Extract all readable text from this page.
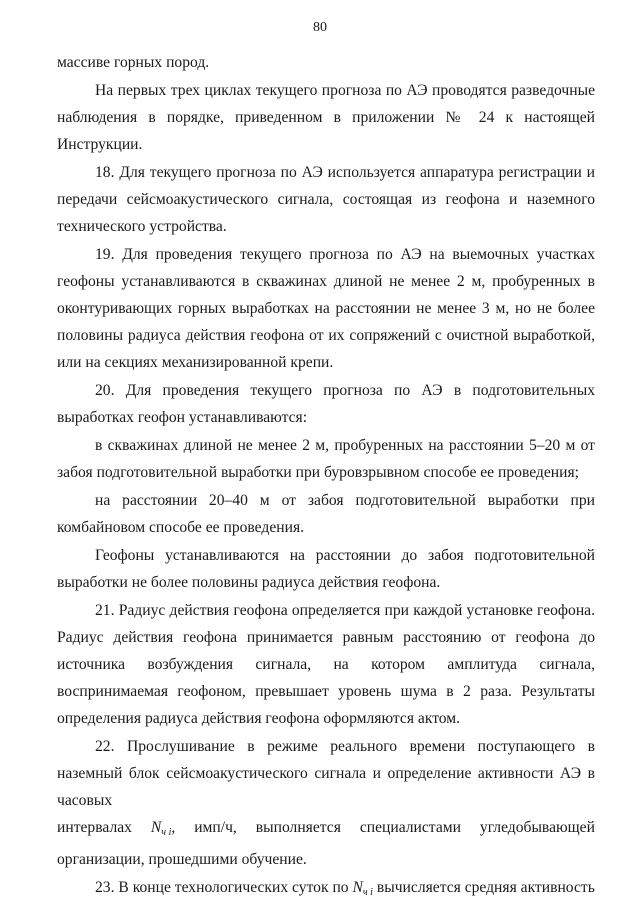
80

массиве горных пород.

На первых трех циклах текущего прогноза по АЭ проводятся разведочные наблюдения в порядке, приведенном в приложении № 24 к настоящей Инструкции.

18. Для текущего прогноза по АЭ используется аппаратура регистрации и передачи сейсмоакустического сигнала, состоящая из геофона и наземного технического устройства.

19. Для проведения текущего прогноза по АЭ на выемочных участках геофоны устанавливаются в скважинах длиной не менее 2 м, пробуренных в оконтуривающих горных выработках на расстоянии не менее 3 м, но не более половины радиуса действия геофона от их сопряжений с очистной выработкой, или на секциях механизированной крепи.

20. Для проведения текущего прогноза по АЭ в подготовительных выработках геофон устанавливаются:

в скважинах длиной не менее 2 м, пробуренных на расстоянии 5–20 м от забоя подготовительной выработки при буровзрывном способе ее проведения;

на расстоянии 20–40 м от забоя подготовительной выработки при комбайновом способе ее проведения.

Геофоны устанавливаются на расстоянии до забоя подготовительной выработки не более половины радиуса действия геофона.

21. Радиус действия геофона определяется при каждой установке геофона. Радиус действия геофона принимается равным расстоянию от геофона до источника возбуждения сигнала, на котором амплитуда сигнала, воспринимаемая геофоном, превышает уровень шума в 2 раза. Результаты определения радиуса действия геофона оформляются актом.

22. Прослушивание в режиме реального времени поступающего в наземный блок сейсмоакустического сигнала и определение активности АЭ в часовых

интервалах $N_{ч i}$, имп/ч, выполняется специалистами угледобывающей

организации, прошедшими обучение.

23. В конце технологических суток по $N_{ч i}$ вычисляется средняя активность
